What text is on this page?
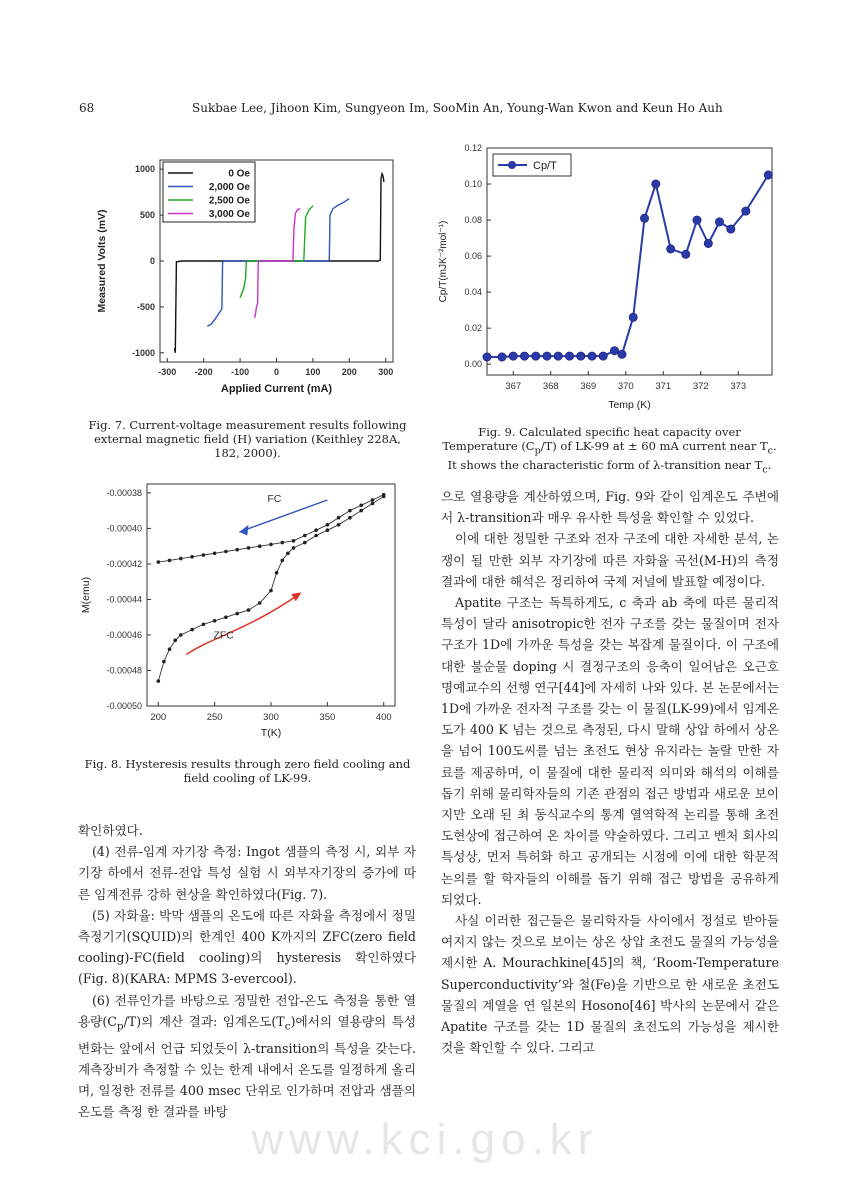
68	Sukbae Lee, Jihoon Kim, Sungyeon Im, SooMin An, Young-Wan Kwon and Keun Ho Auh
-300 -200 -100	0	100 200 300
-1000
-500
0
500
1000
Applied Current (mA)
Measured Volts (mV)
0 Oe
2,000 Oe
2,500 Oe
3,000 Oe
Fig. 7. Current-voltage measurement results following external magnetic field (H) variation (Keithley 228A, 182, 2000).
367 368 369 370 371 372 373
0.00
0.02
0.04
0.06
0.08
0.10
0.12
Temp (K)
Cp/T(mJK⁻²mol⁻¹)
Cp/T
Fig. 9. Calculated specific heat capacity over Temperature $(C_p/T)$ of LK-99 at ± 60 mA current near $T_c$. It shows the characteristic form of λ-transition near $T_c$.
200	250	300	350	400
-0.00038
-0.00040
-0.00042
-0.00044
-0.00046
-0.00048
-0.00050
T(K)
M(emu)
FC
ZFC
Fig. 8. Hysteresis results through zero field cooling and field cooling of LK-99.

확인하였다.

(4) 전류-임계 자기장 측정: Ingot 샘플의 측정 시, 외부 자기장 하에서 전류-전압 특성 실험 시 외부자기장의 증가에 따른 임계전류 강하 현상을 확인하였다(Fig. 7).

(5) 자화율: 박막 샘플의 온도에 따른 자화율 측정에서 정밀 측정기기(SQUID)의 한계인 400 K까지의 ZFC(zero field cooling)-FC(field cooling)의 hysteresis 확인하였다 (Fig. 8)(KARA: MPMS 3-evercool).

(6) 전류인가를 바탕으로 정밀한 전압-온도 측정을 통한 열용량$(C_p/T)$의 계산 결과: 임계온도$(T_c)$에서의 열용량의 특성 변화는 앞에서 언급 되었듯이 λ-transition의 특성을 갖는다. 계측장비가 측정할 수 있는 한계 내에서 온도를 일정하게 올리며, 일정한 전류를 400 msec 단위로 인가하며 전압과 샘플의 온도를 측정 한 결과를 바탕

으로 열용량을 계산하였으며, Fig. 9와 같이 임계온도 주변에서 λ-transition과 매우 유사한 특성을 확인할 수 있었다.

이에 대한 정밀한 구조와 전자 구조에 대한 자세한 분석, 논쟁이 될 만한 외부 자기장에 따른 자화율 곡선(M-H)의 측정 결과에 대한 해석은 정리하여 국제 저널에 발표할 예정이다.

Apatite 구조는 독특하게도, c 축과 ab 축에 따른 물리적 특성이 달라 anisotropic한 전자 구조를 갖는 물질이며 전자구조가 1D에 가까운 특성을 갖는 복잡계 물질이다. 이 구조에 대한 불순물 doping 시 결정구조의 응축이 일어남은 오근호 명예교수의 선행 연구[44]에 자세히 나와 있다. 본 논문에서는 1D에 가까운 전자적 구조를 갖는 이 물질(LK-99)에서 임계온도가 400 K 넘는 것으로 측정된, 다시 말해 상압 하에서 상온을 넘어 100도씨를 넘는 초전도 현상 유지라는 놀랄 만한 자료를 제공하며, 이 물질에 대한 물리적 의미와 해석의 이해를 돕기 위해 물리학자들의 기존 관점의 접근 방법과 새로운 보이지만 오래 된 최 동식교수의 통계 열역학적 논리를 통해 초전도현상에 접근하여 온 차이를 약술하였다. 그리고 벤처 회사의 특성상, 먼저 특허화 하고 공개되는 시점에 이에 대한 학문적 논의를 할 학자들의 이해를 돕기 위해 접근 방법을 공유하게 되었다.

사실 이러한 접근들은 물리학자들 사이에서 정설로 받아들여지지 않는 것으로 보이는 상온 상압 초전도 물질의 가능성을 제시한 A. Mourachkine[45]의 책, ‘Room-Temperature Superconductivity’와 철(Fe)을 기반으로 한 새로운 초전도 물질의 계열을 연 일본의 Hosono[46] 박사의 논문에서 같은 Apatite 구조를 갖는 1D 물질의 초전도의 가능성을 제시한 것을 확인할 수 있다. 그리고

www.kci.go.kr
